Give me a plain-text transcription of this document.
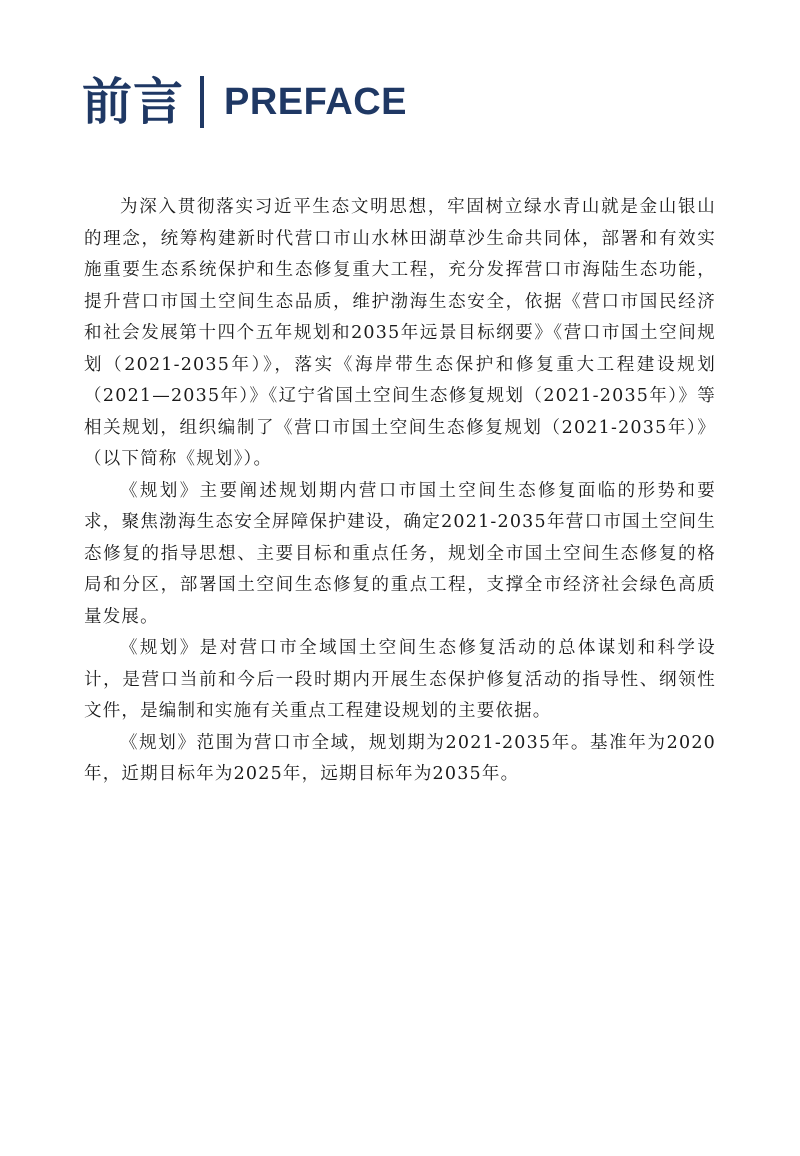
前言 PREFACE

为深入贯彻落实习近平生态文明思想，牢固树立绿水青山就是金山银山的理念，统筹构建新时代营口市山水林田湖草沙生命共同体，部署和有效实施重要生态系统保护和生态修复重大工程，充分发挥营口市海陆生态功能，提升营口市国土空间生态品质，维护渤海生态安全，依据《营口市国民经济和社会发展第十四个五年规划和2035年远景目标纲要》《营口市国土空间规划（2021-2035年）》，落实《海岸带生态保护和修复重大工程建设规划（2021—2035年）》《辽宁省国土空间生态修复规划（2021-2035年）》等相关规划，组织编制了《营口市国土空间生态修复规划（2021-2035年）》（以下简称《规划》）。

《规划》主要阐述规划期内营口市国土空间生态修复面临的形势和要求，聚焦渤海生态安全屏障保护建设，确定2021-2035年营口市国土空间生态修复的指导思想、主要目标和重点任务，规划全市国土空间生态修复的格局和分区，部署国土空间生态修复的重点工程，支撑全市经济社会绿色高质量发展。

《规划》是对营口市全域国土空间生态修复活动的总体谋划和科学设计，是营口当前和今后一段时期内开展生态保护修复活动的指导性、纲领性文件，是编制和实施有关重点工程建设规划的主要依据。

《规划》范围为营口市全域，规划期为2021-2035年。基准年为2020年，近期目标年为2025年，远期目标年为2035年。
